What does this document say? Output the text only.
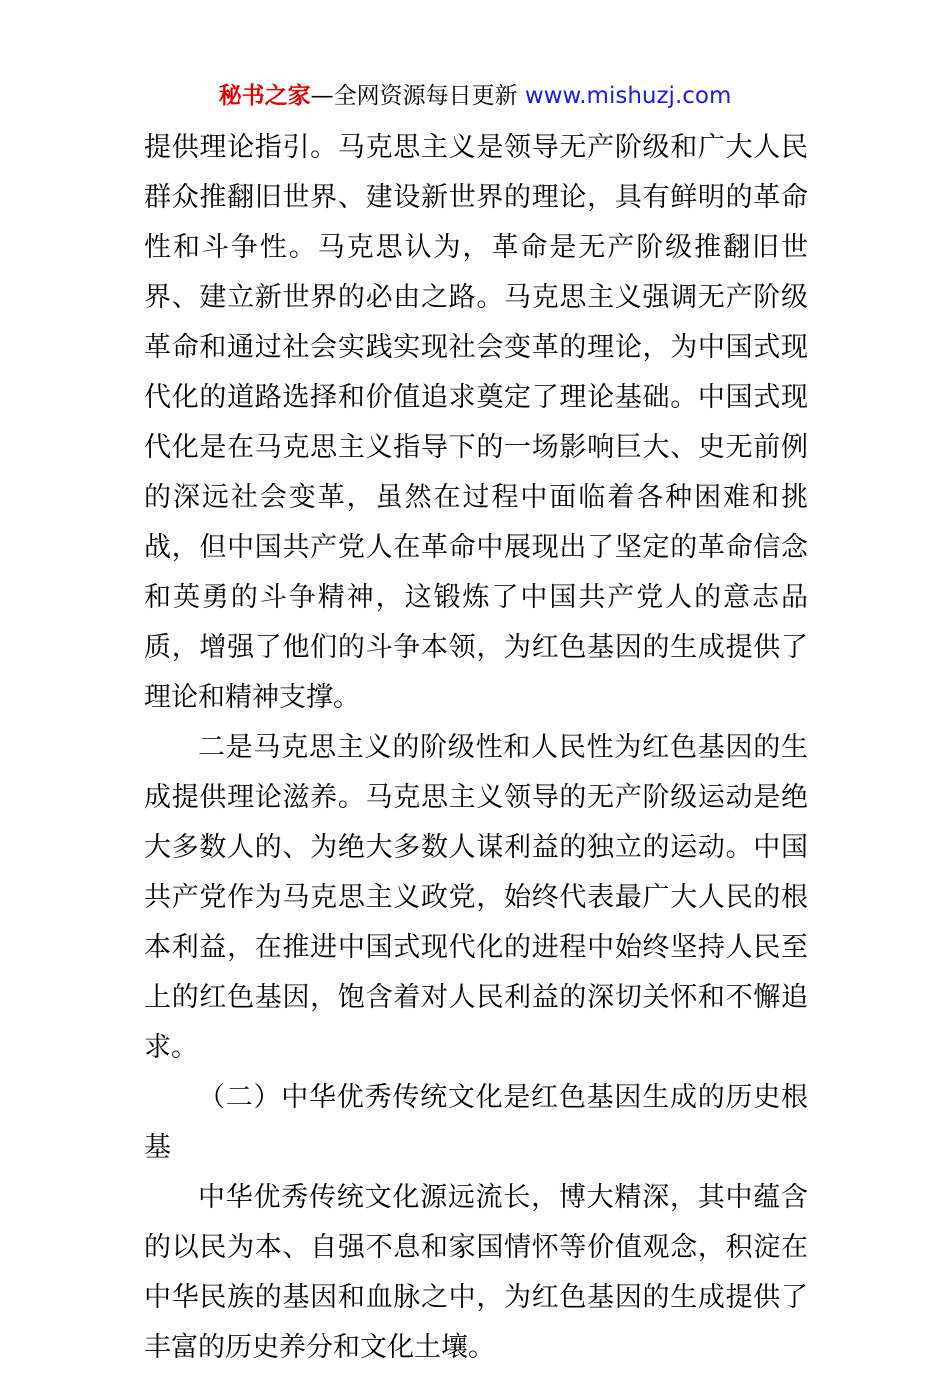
秘书之家—全网资源每日更新 www.mishuzj.com

提供理论指引。马克思主义是领导无产阶级和广大人民群众推翻旧世界、建设新世界的理论，具有鲜明的革命性和斗争性。马克思认为，革命是无产阶级推翻旧世界、建立新世界的必由之路。马克思主义强调无产阶级革命和通过社会实践实现社会变革的理论，为中国式现代化的道路选择和价值追求奠定了理论基础。中国式现代化是在马克思主义指导下的一场影响巨大、史无前例的深远社会变革，虽然在过程中面临着各种困难和挑战，但中国共产党人在革命中展现出了坚定的革命信念和英勇的斗争精神，这锻炼了中国共产党人的意志品质，增强了他们的斗争本领，为红色基因的生成提供了理论和精神支撑。

二是马克思主义的阶级性和人民性为红色基因的生成提供理论滋养。马克思主义领导的无产阶级运动是绝大多数人的、为绝大多数人谋利益的独立的运动。中国共产党作为马克思主义政党，始终代表最广大人民的根本利益，在推进中国式现代化的进程中始终坚持人民至上的红色基因，饱含着对人民利益的深切关怀和不懈追求。

（二）中华优秀传统文化是红色基因生成的历史根基

中华优秀传统文化源远流长，博大精深，其中蕴含的以民为本、自强不息和家国情怀等价值观念，积淀在中华民族的基因和血脉之中，为红色基因的生成提供了丰富的历史养分和文化土壤。
